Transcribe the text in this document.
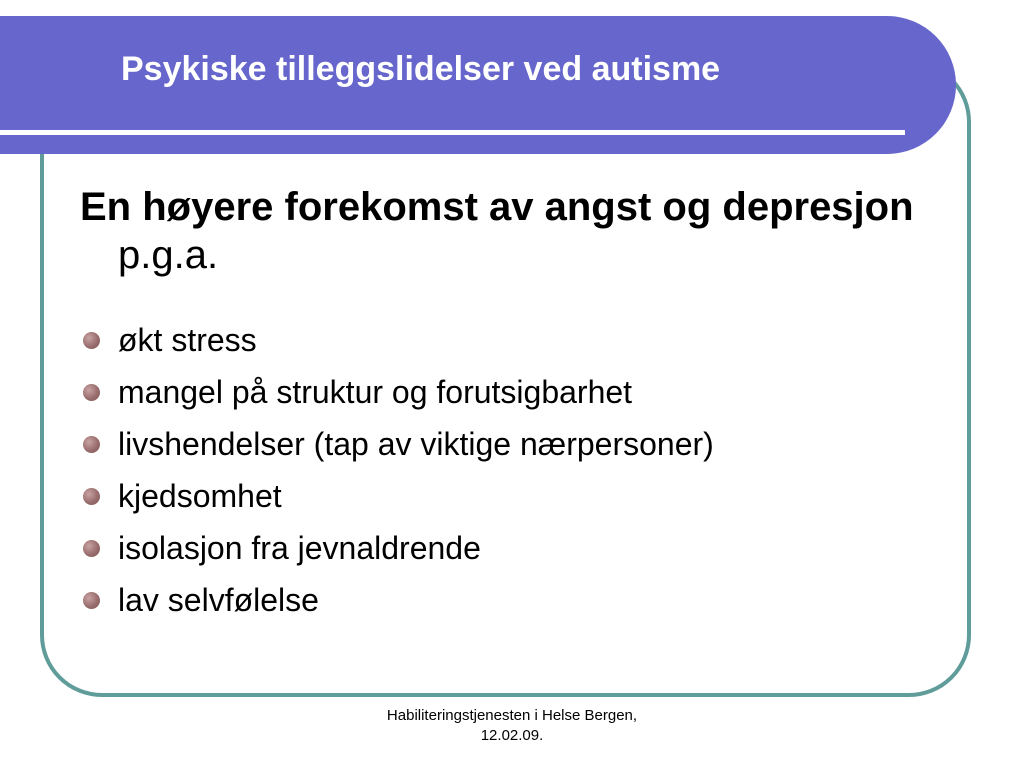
Psykiske tilleggslidelser ved autisme

En høyere forekomst av angst og depresjon p.g.a.

økt stress
mangel på struktur og forutsigbarhet
livshendelser (tap av viktige nærpersoner)
kjedsomhet
isolasjon fra jevnaldrende
lav selvfølelse
Habiliteringstjenesten i Helse Bergen,
12.02.09.
